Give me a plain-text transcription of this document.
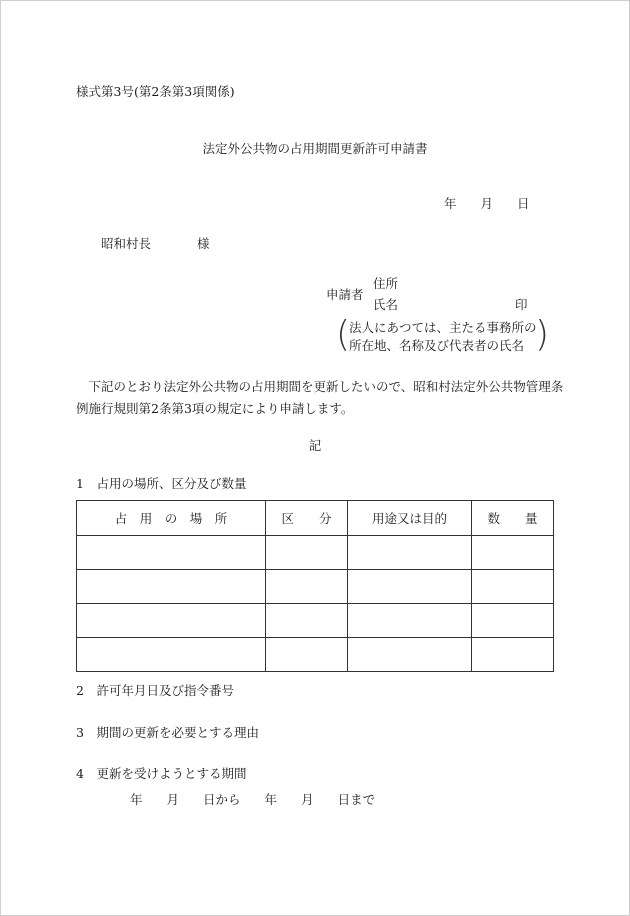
様式第3号(第2条第3項関係)
法定外公共物の占用期間更新許可申請書
年 月 日
昭和村長	様
申請者
住所
氏名	印
(
法人にあつては、主たる事務所の
所在地、名称及び代表者の氏名 )
下記のとおり法定外公共物の占用期間を更新したいので、昭和村法定外公共物管理条例施行規則第2条第3項の規定により申請します。
記
1　占用の場所、区分及び数量
占　用　の　場　所	区　　分	用途又は目的	数　　量

2　許可年月日及び指令番号
3　期間の更新を必要とする理由
4　更新を受けようとする期間
年 月 日から 年 月 日まで
